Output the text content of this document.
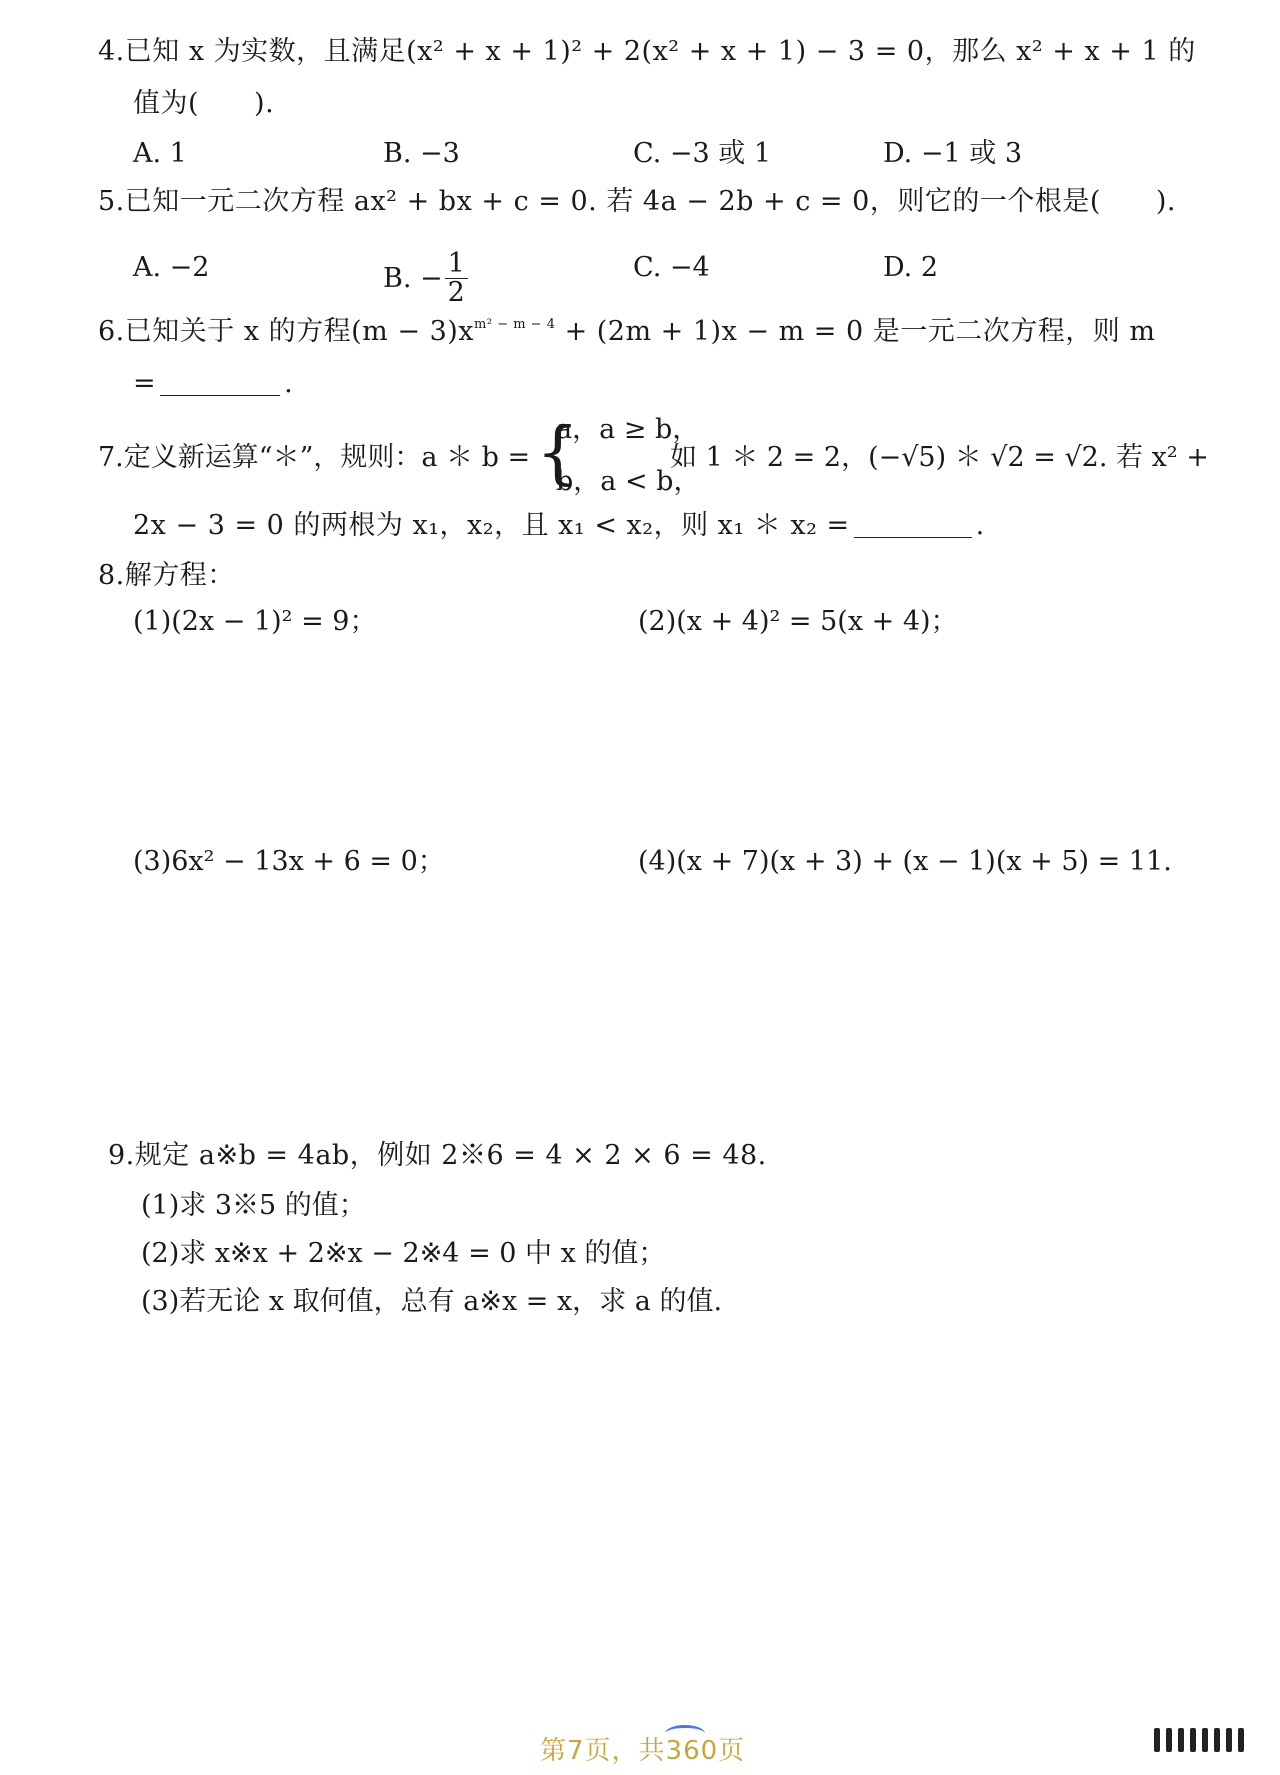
4.已知 x 为实数，且满足(x² + x + 1)² + 2(x² + x + 1) − 3 = 0，那么 x² + x + 1 的
值为(　　).
A. 1	B. −3	C. −3 或 1	D. −1 或 3
5.已知一元二次方程 ax² + bx + c = 0. 若 4a − 2b + c = 0，则它的一个根是(　　).
A. −2	B. − $\frac{1}{2}$	C. −4	D. 2
6.已知关于 x 的方程$(m - 3)x^{m^2 - m - 4} + (2m + 1)x - m = 0$ 是一元二次方程，则 m
=	.
7.定义新运算“＊”，规则：a ＊ b = {
a，a ≥ b，
b，a < b，
如 1 ＊ 2 = 2，(−√5) ＊ √2 = √2. 若 x² +
2x − 3 = 0 的两根为 x₁，x₂，且 x₁ < x₂，则 x₁ ＊ x₂ =	.
8.解方程：
(1)(2x − 1)² = 9；	(2)(x + 4)² = 5(x + 4)；
(3)6x² − 13x + 6 = 0；	(4)(x + 7)(x + 3) + (x − 1)(x + 5) = 11.
9.规定 a※b = 4ab，例如 2※6 = 4 × 2 × 6 = 48.
(1)求 3※5 的值；
(2)求 x※x + 2※x − 2※4 = 0 中 x 的值；
(3)若无论 x 取何值，总有 a※x = x，求 a 的值.
第7页，共360页
